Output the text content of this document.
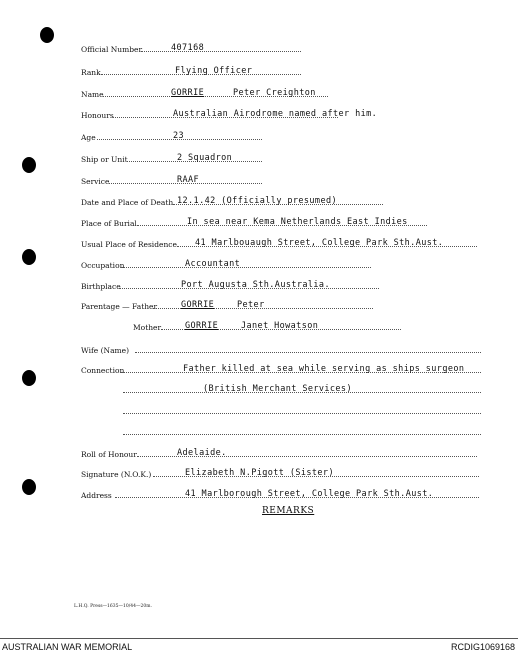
Official Number	407168
Rank	Flying Officer
Name	GORRIE	Peter Creighton
Honours	Australian Airodrome named after him.
Age	23
Ship or Unit	2 Squadron
Service	RAAF
Date and Place of Death 12.1.42 (Officially presumed)
Place of Burial	In sea near Kema Netherlands East Indies
Usual Place of Residence 41 Marlbouaugh Street, College Park Sth.Aust.
Occupation	Accountant
Birthplace	Port Augusta Sth.Australia.
Parentage — Father	GORRIE	Peter
Mother	GORRIE	Janet Howatson
Wife (Name)
Connection	Father killed at sea while serving as ships surgeon
(British Merchant Services)
Roll of Honour	Adelaide.
Signature (N.O.K.)	Elizabeth N.Pigott (Sister)
Address	41 Marlborough Street, College Park Sth.Aust.
REMARKS
L.H.Q. Press—1635—10/44—20m.
AUSTRALIAN WAR MEMORIAL	RCDIG1069168
